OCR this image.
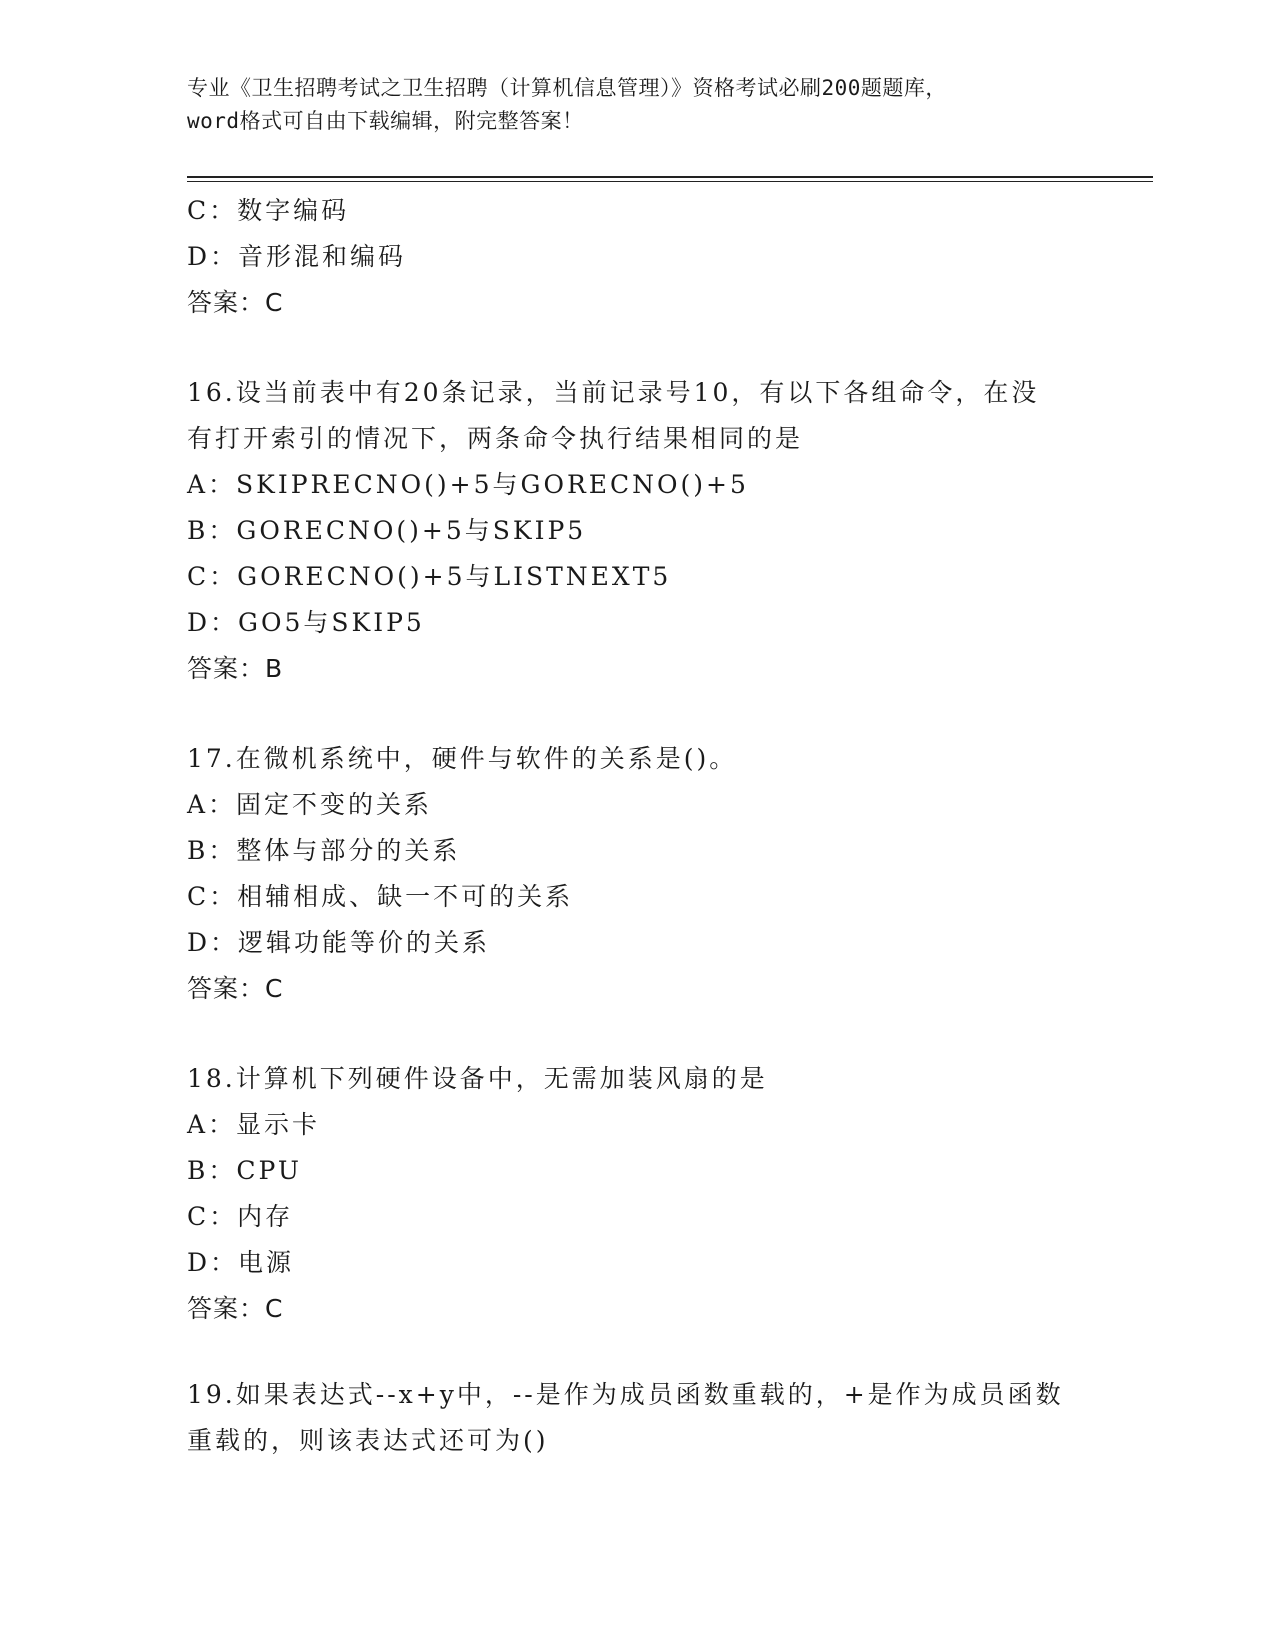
专业《卫生招聘考试之卫生招聘（计算机信息管理）》资格考试必刷200题题库，
word格式可自由下载编辑，附完整答案！
C：数字编码
D：音形混和编码
答案：C
16.设当前表中有20条记录，当前记录号10，有以下各组命令，在没
有打开索引的情况下，两条命令执行结果相同的是
A：SKIPRECNO()+5与GORECNO()+5
B：GORECNO()+5与SKIP5
C：GORECNO()+5与LISTNEXT5
D：GO5与SKIP5
答案：B
17.在微机系统中，硬件与软件的关系是()。
A：固定不变的关系
B：整体与部分的关系
C：相辅相成、缺一不可的关系
D：逻辑功能等价的关系
答案：C
18.计算机下列硬件设备中，无需加装风扇的是
A：显示卡
B：CPU
C：内存
D：电源
答案：C
19.如果表达式--x+y中，--是作为成员函数重载的，+是作为成员函数
重载的，则该表达式还可为()
